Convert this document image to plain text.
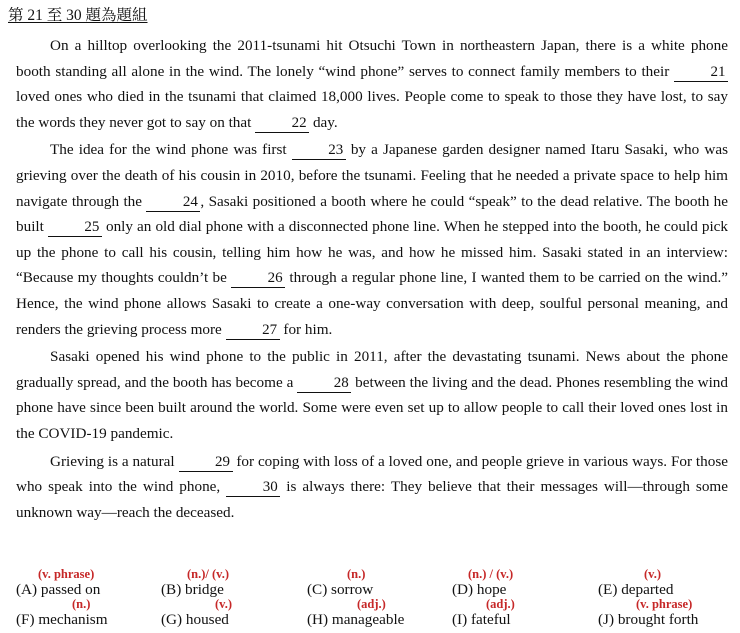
第 21 至 30 題為題組

On a hilltop overlooking the 2011-tsunami hit Otsuchi Town in northeastern Japan, there is a white phone booth standing all alone in the wind. The lonely “wind phone” serves to connect family members to their 21 loved ones who died in the tsunami that claimed 18,000 lives. People come to speak to those they have lost, to say the words they never got to say on that 22 day.

The idea for the wind phone was first 23 by a Japanese garden designer named Itaru Sasaki, who was grieving over the death of his cousin in 2010, before the tsunami. Feeling that he needed a private space to help him navigate through the 24 , Sasaki positioned a booth where he could “speak” to the dead relative. The booth he built 25 only an old dial phone with a disconnected phone line. When he stepped into the booth, he could pick up the phone to call his cousin, telling him how he was, and how he missed him. Sasaki stated in an interview: “Because my thoughts couldn’t be 26 through a regular phone line, I wanted them to be carried on the wind.” Hence, the wind phone allows Sasaki to create a one-way conversation with deep, soulful personal meaning, and renders the grieving process more 27 for him.

Sasaki opened his wind phone to the public in 2011, after the devastating tsunami. News about the phone gradually spread, and the booth has become a 28 between the living and the dead. Phones resembling the wind phone have since been built around the world. Some were even set up to allow people to call their loved ones lost in the COVID-19 pandemic.

Grieving is a natural 29 for coping with loss of a loved one, and people grieve in various ways. For those who speak into the wind phone, 30 is always there: They believe that their messages will—through some unknown way—reach the deceased.

(v. phrase)
(A) passed on
(n.)/ (v.)
(B) bridge
(n.)
(C) sorrow
(n.) / (v.)
(D) hope
(v.)
(E) departed
(n.)
(F) mechanism
(v.)
(G) housed
(adj.)
(H) manageable
(adj.)
(I) fateful
(v. phrase)
(J) brought forth
